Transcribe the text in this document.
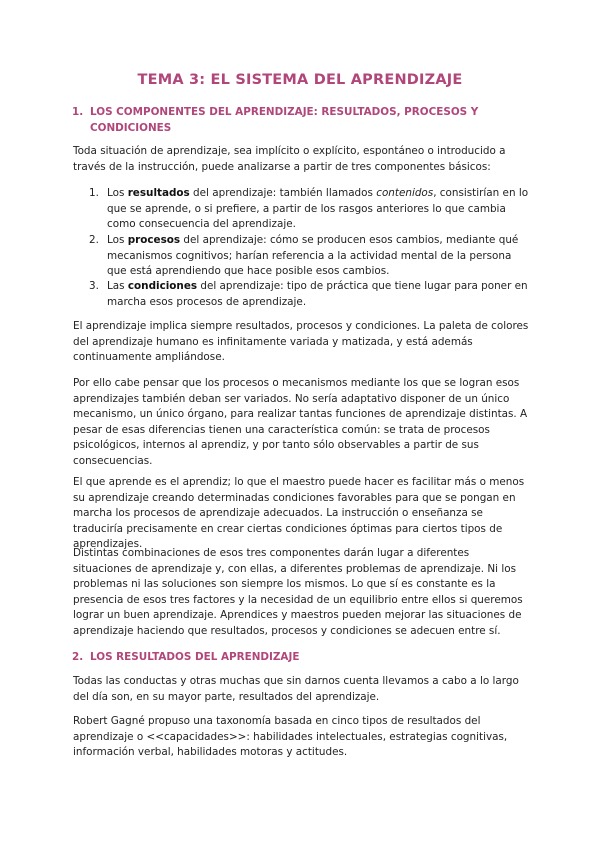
TEMA 3: EL SISTEMA DEL APRENDIZAJE
1. LOS COMPONENTES DEL APRENDIZAJE: RESULTADOS, PROCESOS Y CONDICIONES

Toda situación de aprendizaje, sea implícito o explícito, espontáneo o introducido a través de la instrucción, puede analizarse a partir de tres componentes básicos:

1. Los resultados del aprendizaje: también llamados contenidos, consistirían en lo que se aprende, o si prefiere, a partir de los rasgos anteriores lo que cambia como consecuencia del aprendizaje.

2. Los procesos del aprendizaje: cómo se producen esos cambios, mediante qué mecanismos cognitivos; harían referencia a la actividad mental de la persona que está aprendiendo que hace posible esos cambios.

3. Las condiciones del aprendizaje: tipo de práctica que tiene lugar para poner en marcha esos procesos de aprendizaje.

El aprendizaje implica siempre resultados, procesos y condiciones. La paleta de colores del aprendizaje humano es infinitamente variada y matizada, y está además continuamente ampliándose.

Por ello cabe pensar que los procesos o mecanismos mediante los que se logran esos aprendizajes también deban ser variados. No sería adaptativo disponer de un único mecanismo, un único órgano, para realizar tantas funciones de aprendizaje distintas. A pesar de esas diferencias tienen una característica común: se trata de procesos psicológicos, internos al aprendiz, y por tanto sólo observables a partir de sus consecuencias.

El que aprende es el aprendiz; lo que el maestro puede hacer es facilitar más o menos su aprendizaje creando determinadas condiciones favorables para que se pongan en marcha los procesos de aprendizaje adecuados. La instrucción o enseñanza se traduciría precisamente en crear ciertas condiciones óptimas para ciertos tipos de aprendizajes.

Distintas combinaciones de esos tres componentes darán lugar a diferentes situaciones de aprendizaje y, con ellas, a diferentes problemas de aprendizaje. Ni los problemas ni las soluciones son siempre los mismos. Lo que sí es constante es la presencia de esos tres factores y la necesidad de un equilibrio entre ellos si queremos lograr un buen aprendizaje. Aprendices y maestros pueden mejorar las situaciones de aprendizaje haciendo que resultados, procesos y condiciones se adecuen entre sí.

2. LOS RESULTADOS DEL APRENDIZAJE

Todas las conductas y otras muchas que sin darnos cuenta llevamos a cabo a lo largo del día son, en su mayor parte, resultados del aprendizaje.

Robert Gagné propuso una taxonomía basada en cinco tipos de resultados del aprendizaje o <<capacidades>>: habilidades intelectuales, estrategias cognitivas, información verbal, habilidades motoras y actitudes.
